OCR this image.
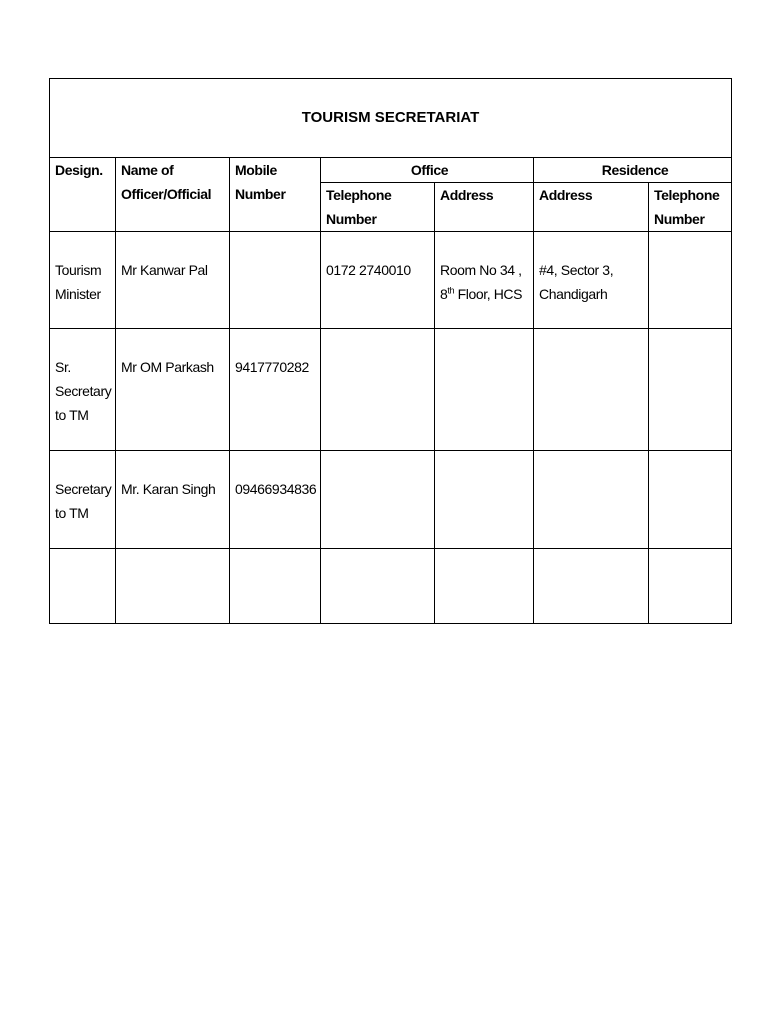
TOURISM SECRETARIAT						
Design.	Name of Officer/Official	Mobile Number	Office		Residence	
			Telephone Number	Address	Address	Telephone Number
Tourism Minister	Mr Kanwar Pal		0172 2740010	Room No 34 , 8th Floor, HCS	#4, Sector 3, Chandigarh	
Sr. Secretary to TM	Mr OM Parkash	9417770282				
Secretary to TM	Mr. Karan Singh	09466934836				
